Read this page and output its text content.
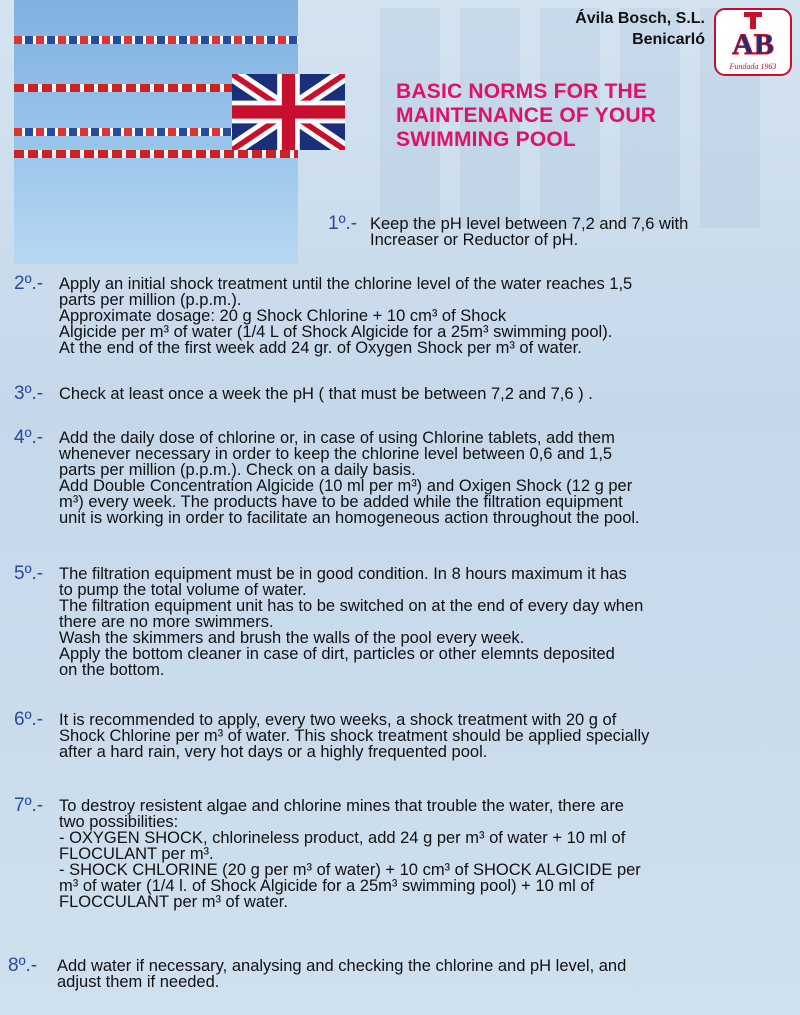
Ávila Bosch, S.L.
Benicarló AB
Fundada 1963
BASIC NORMS FOR THE
MAINTENANCE OF YOUR
SWIMMING POOL
1º.- Keep the pH level between 7,2 and 7,6 with
Increaser or Reductor of pH.
2º.- Apply an initial shock treatment until the chlorine level of the water reaches 1,5
parts per million (p.p.m.).
Approximate dosage: 20 g Shock Chlorine + 10 cm³ of Shock
Algicide per m³ of water (1/4 L of Shock Algicide for a 25m³ swimming pool).
At the end of the first week add 24 gr. of Oxygen Shock per m³ of water.
3º.- Check at least once a week the pH ( that must be between 7,2 and 7,6 ) .
4º.- Add the daily dose of chlorine or, in case of using Chlorine tablets, add them
whenever necessary in order to keep the chlorine level between 0,6 and 1,5
parts per million (p.p.m.). Check on a daily basis.
Add Double Concentration Algicide (10 ml per m³) and Oxigen Shock (12 g per
m³) every week. The products have to be added while the filtration equipment
unit is working in order to facilitate an homogeneous action throughout the pool.
5º.- The filtration equipment must be in good condition. In 8 hours maximum it has
to pump the total volume of water.
The filtration equipment unit has to be switched on at the end of every day when
there are no more swimmers.
Wash the skimmers and brush the walls of the pool every week.
Apply the bottom cleaner in case of dirt, particles or other elemnts deposited
on the bottom.
6º.- It is recommended to apply, every two weeks, a shock treatment with 20 g of
Shock Chlorine per m³ of water. This shock treatment should be applied specially
after a hard rain, very hot days or a highly frequented pool.
7º.- To destroy resistent algae and chlorine mines that trouble the water, there are
two possibilities:
- OXYGEN SHOCK, chlorineless product, add 24 g per m³ of water + 10 ml of
FLOCULANT per m³.
- SHOCK CHLORINE (20 g per m³ of water) + 10 cm³ of SHOCK ALGICIDE per
m³ of water (1/4 l. of Shock Algicide for a 25m³ swimming pool) + 10 ml of
FLOCCULANT per m³ of water.
8º.- Add water if necessary, analysing and checking the chlorine and pH level, and
adjust them if needed.
